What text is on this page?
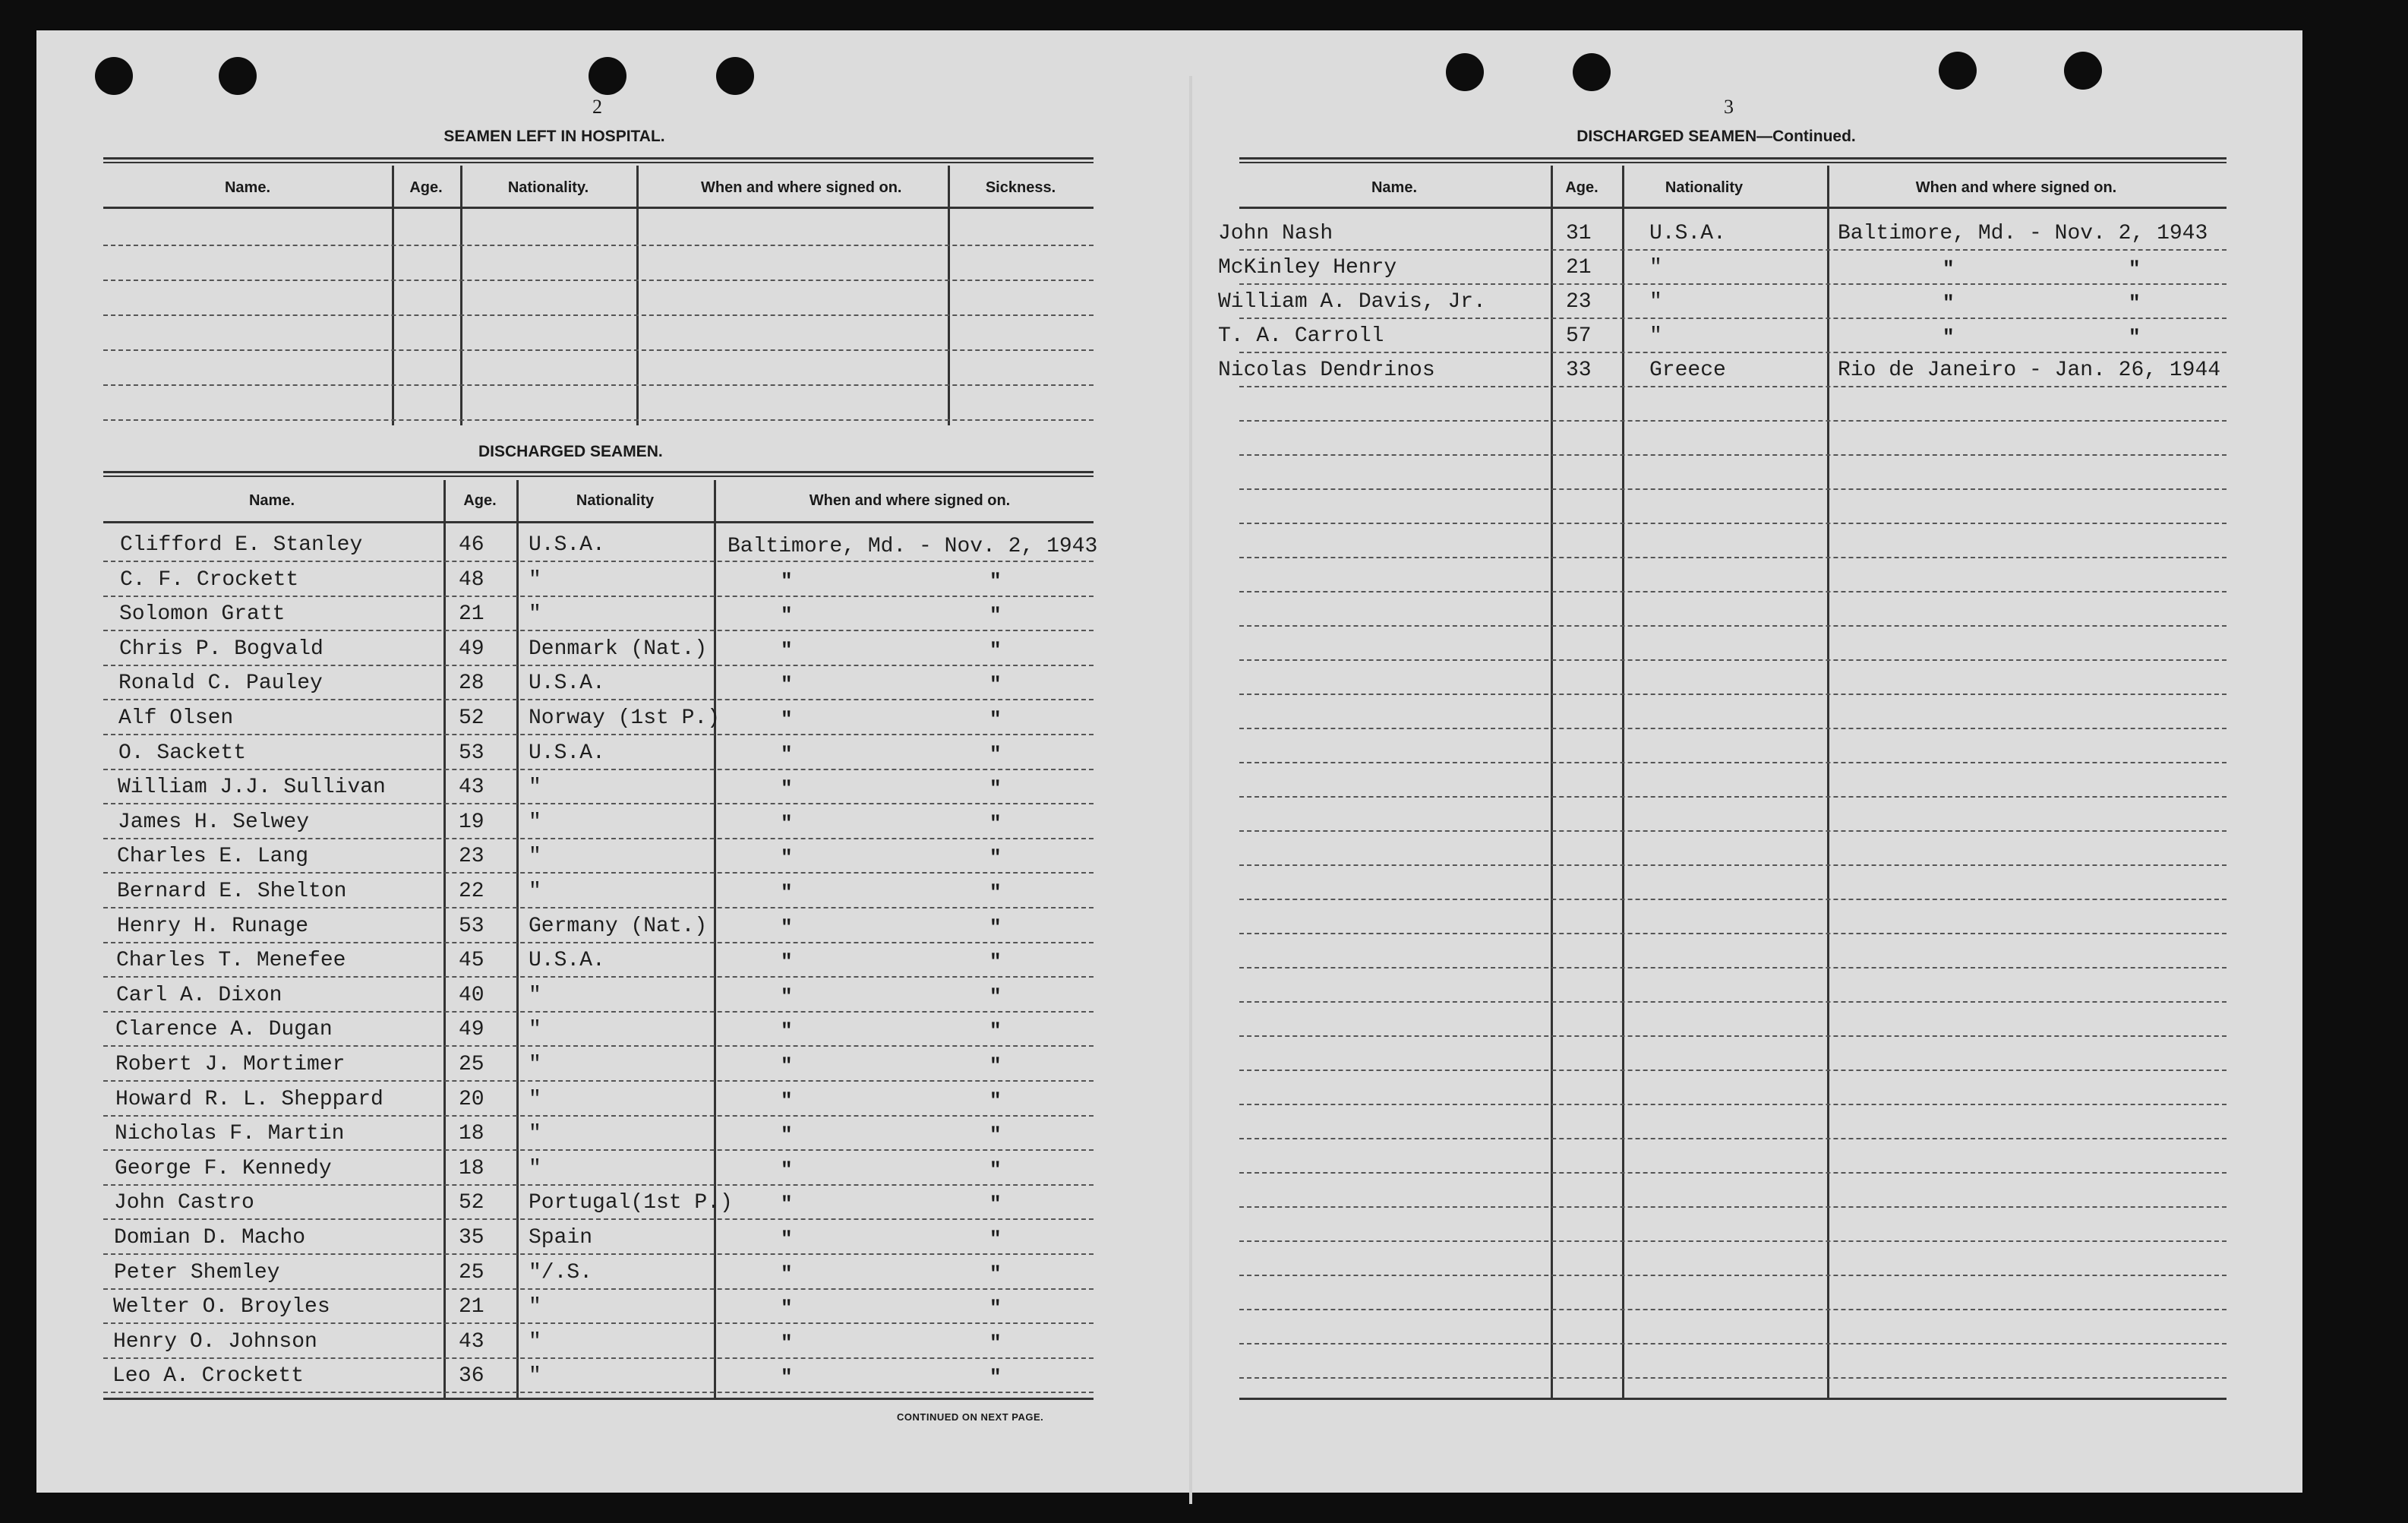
2
SEAMEN LEFT IN HOSPITAL.
Name.	Age.	Nationality.	When and where signed on.	Sickness.
DISCHARGED SEAMEN.
Name.	Age.	Nationality	When and where signed on.
Clifford E. Stanley	46 U.S.A.	Baltimore, Md. - Nov. 2, 1943
C. F. Crockett	48 "	"	"
Solomon Gratt	21 "	"	"
Chris P. Bogvald	49 Denmark (Nat.)	"	"
Ronald C. Pauley	28 U.S.A.	"	"
Alf Olsen	52 Norway (1st P.)	"	"
O. Sackett	53 U.S.A.	"	"
William J.J. Sullivan	43 "	"	"
James H. Selwey	19 "	"	"
Charles E. Lang	23 "	"	"
Bernard E. Shelton	22 "	"	"
Henry H. Runage	53 Germany (Nat.)	"	"
Charles T. Menefee	45 U.S.A.	"	"
Carl A. Dixon	40 "	"	"
Clarence A. Dugan	49 "	"	"
Robert J. Mortimer	25 "	"	"
Howard R. L. Sheppard	20 "	"	"
Nicholas F. Martin	18 "	"	"
George F. Kennedy	18 "	"	"
John Castro	52 Portugal(1st P.) "	"
Domian D. Macho	35 Spain	"	"
Peter Shemley	25 "/.S.	"	"
Welter O. Broyles	21 "	"	"
Henry O. Johnson	43 "	"	"
Leo A. Crockett	36 "	"	"
CONTINUED ON NEXT PAGE.
3
DISCHARGED SEAMEN—Continued.
Name.	Age.	Nationality	When and where signed on.
John Nash	31	U.S.A.	Baltimore, Md. - Nov. 2, 1943
McKinley Henry	21	"	"	"
William A. Davis, Jr.	23	"	"	"
T. A. Carroll	57	"	"	"
Nicolas Dendrinos	33	Greece	Rio de Janeiro - Jan. 26, 1944
